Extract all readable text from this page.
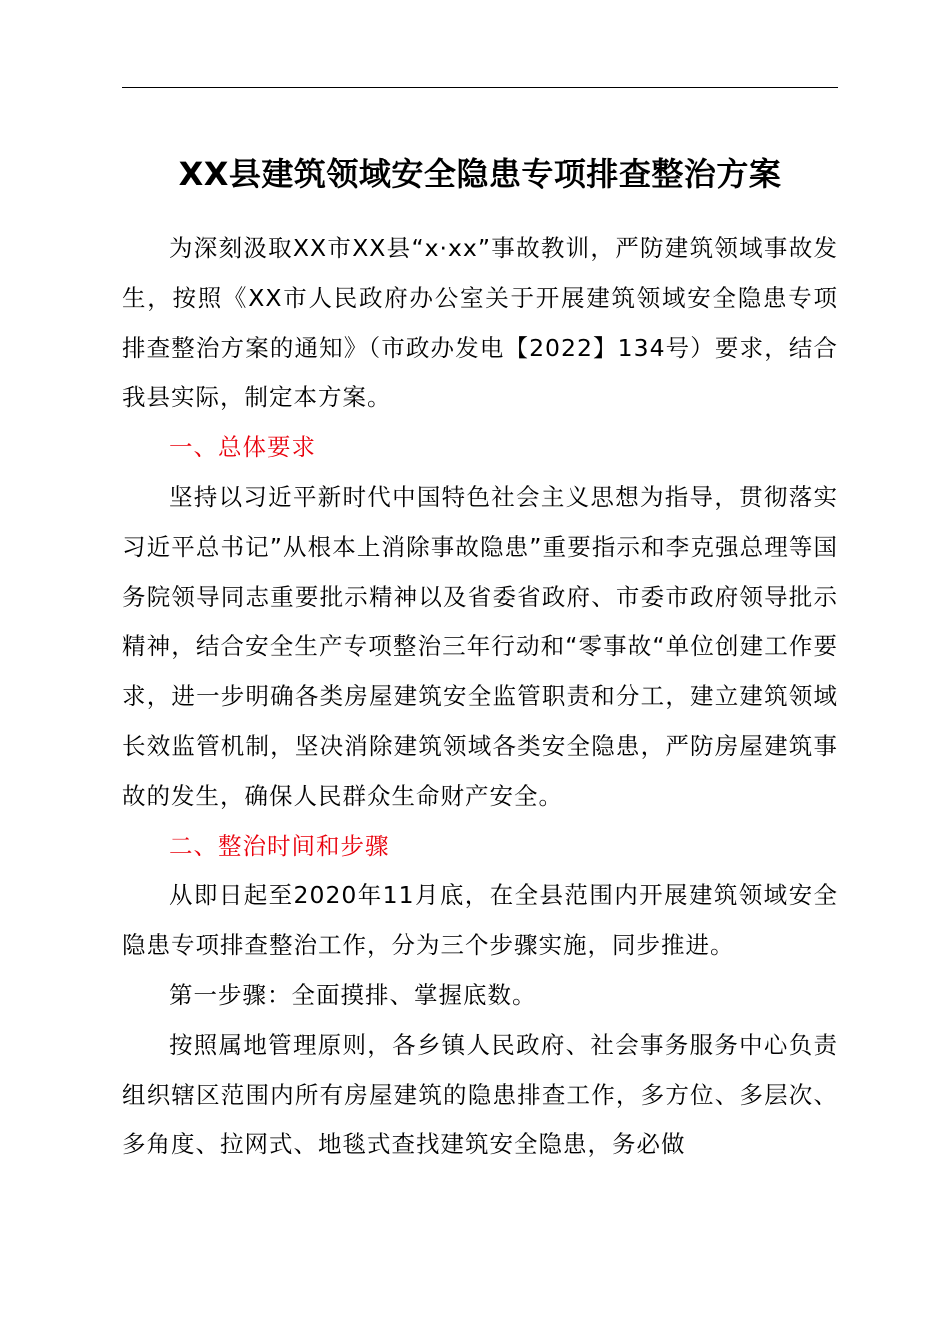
XX县建筑领域安全隐患专项排查整治方案

为深刻汲取XX市XX县“x·xx”事故教训，严防建筑领域事故发生，按照《XX市人民政府办公室关于开展建筑领域安全隐患专项排查整治方案的通知》（市政办发电【2022】134号）要求，结合我县实际，制定本方案。

一、总体要求

坚持以习近平新时代中国特色社会主义思想为指导，贯彻落实习近平总书记”从根本上消除事故隐患”重要指示和李克强总理等国务院领导同志重要批示精神以及省委省政府、市委市政府领导批示精神，结合安全生产专项整治三年行动和“零事故“单位创建工作要求，进一步明确各类房屋建筑安全监管职责和分工，建立建筑领域长效监管机制，坚决消除建筑领域各类安全隐患，严防房屋建筑事故的发生，确保人民群众生命财产安全。

二、整治时间和步骤

从即日起至2020年11月底，在全县范围内开展建筑领域安全隐患专项排查整治工作，分为三个步骤实施，同步推进。

第一步骤：全面摸排、掌握底数。

按照属地管理原则，各乡镇人民政府、社会事务服务中心负责组织辖区范围内所有房屋建筑的隐患排查工作，多方位、多层次、多角度、拉网式、地毯式查找建筑安全隐患，务必做
